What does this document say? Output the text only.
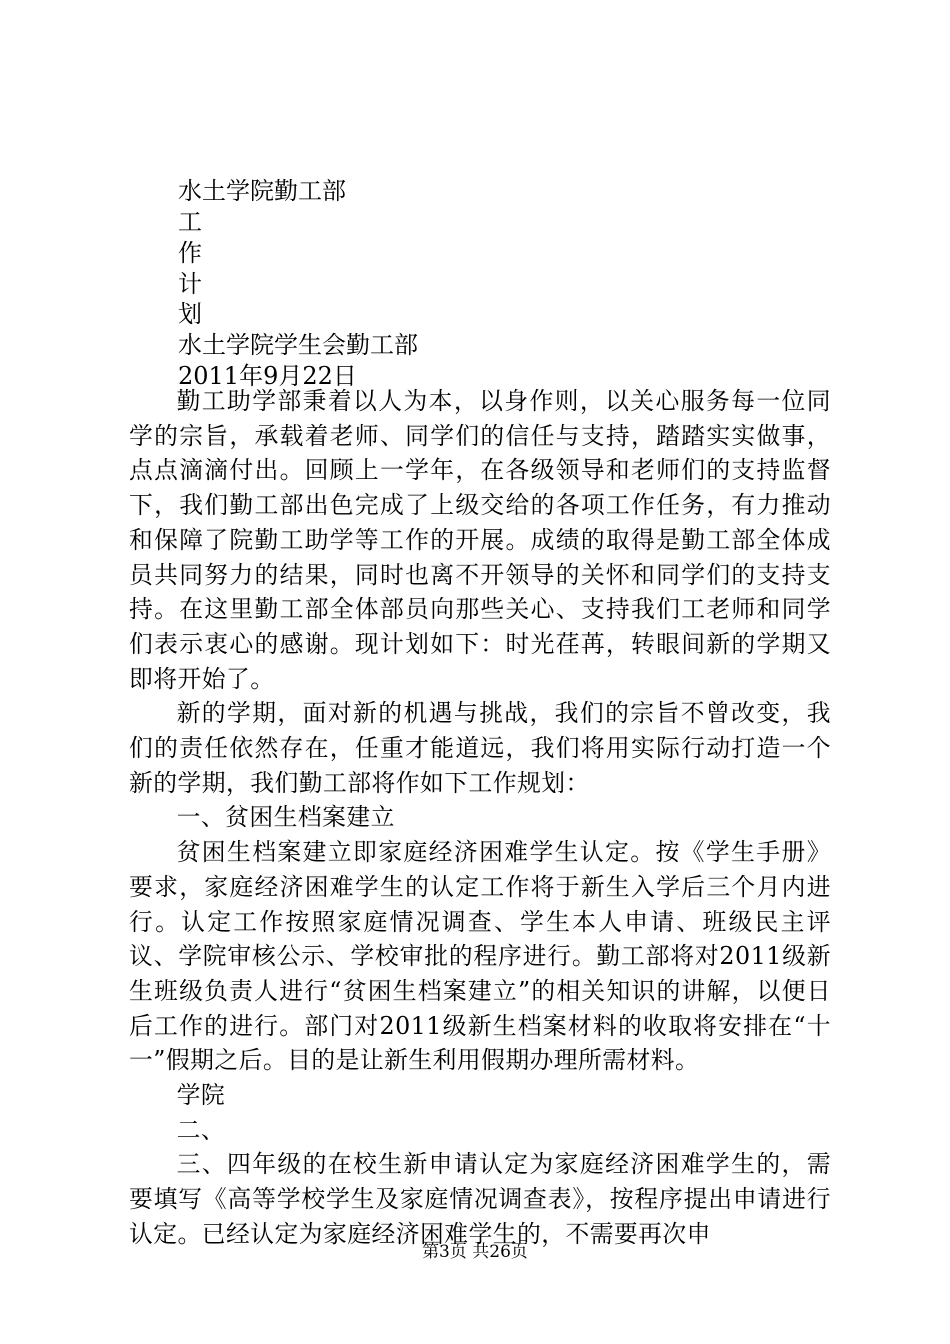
水土学院勤工部
工
作
计
划
水土学院学生会勤工部
2011年9月22日

勤工助学部秉着以人为本，以身作则，以关心服务每一位同学的宗旨，承载着老师、同学们的信任与支持，踏踏实实做事，点点滴滴付出。回顾上一学年，在各级领导和老师们的支持监督下，我们勤工部出色完成了上级交给的各项工作任务，有力推动和保障了院勤工助学等工作的开展。成绩的取得是勤工部全体成员共同努力的结果，同时也离不开领导的关怀和同学们的支持支持。在这里勤工部全体部员向那些关心、支持我们工老师和同学们表示衷心的感谢。现计划如下：时光荏苒，转眼间新的学期又即将开始了。

新的学期，面对新的机遇与挑战，我们的宗旨不曾改变，我们的责任依然存在，任重才能道远，我们将用实际行动打造一个新的学期，我们勤工部将作如下工作规划：

一、贫困生档案建立

贫困生档案建立即家庭经济困难学生认定。按《学生手册》要求，家庭经济困难学生的认定工作将于新生入学后三个月内进行。认定工作按照家庭情况调查、学生本人申请、班级民主评议、学院审核公示、学校审批的程序进行。勤工部将对2011级新生班级负责人进行“贫困生档案建立”的相关知识的讲解，以便日后工作的进行。部门对2011级新生档案材料的收取将安排在“十一”假期之后。目的是让新生利用假期办理所需材料。

学院

二、

三、四年级的在校生新申请认定为家庭经济困难学生的，需要填写《高等学校学生及家庭情况调查表》，按程序提出申请进行认定。已经认定为家庭经济困难学生的，不需要再次申

第3页 共26页
